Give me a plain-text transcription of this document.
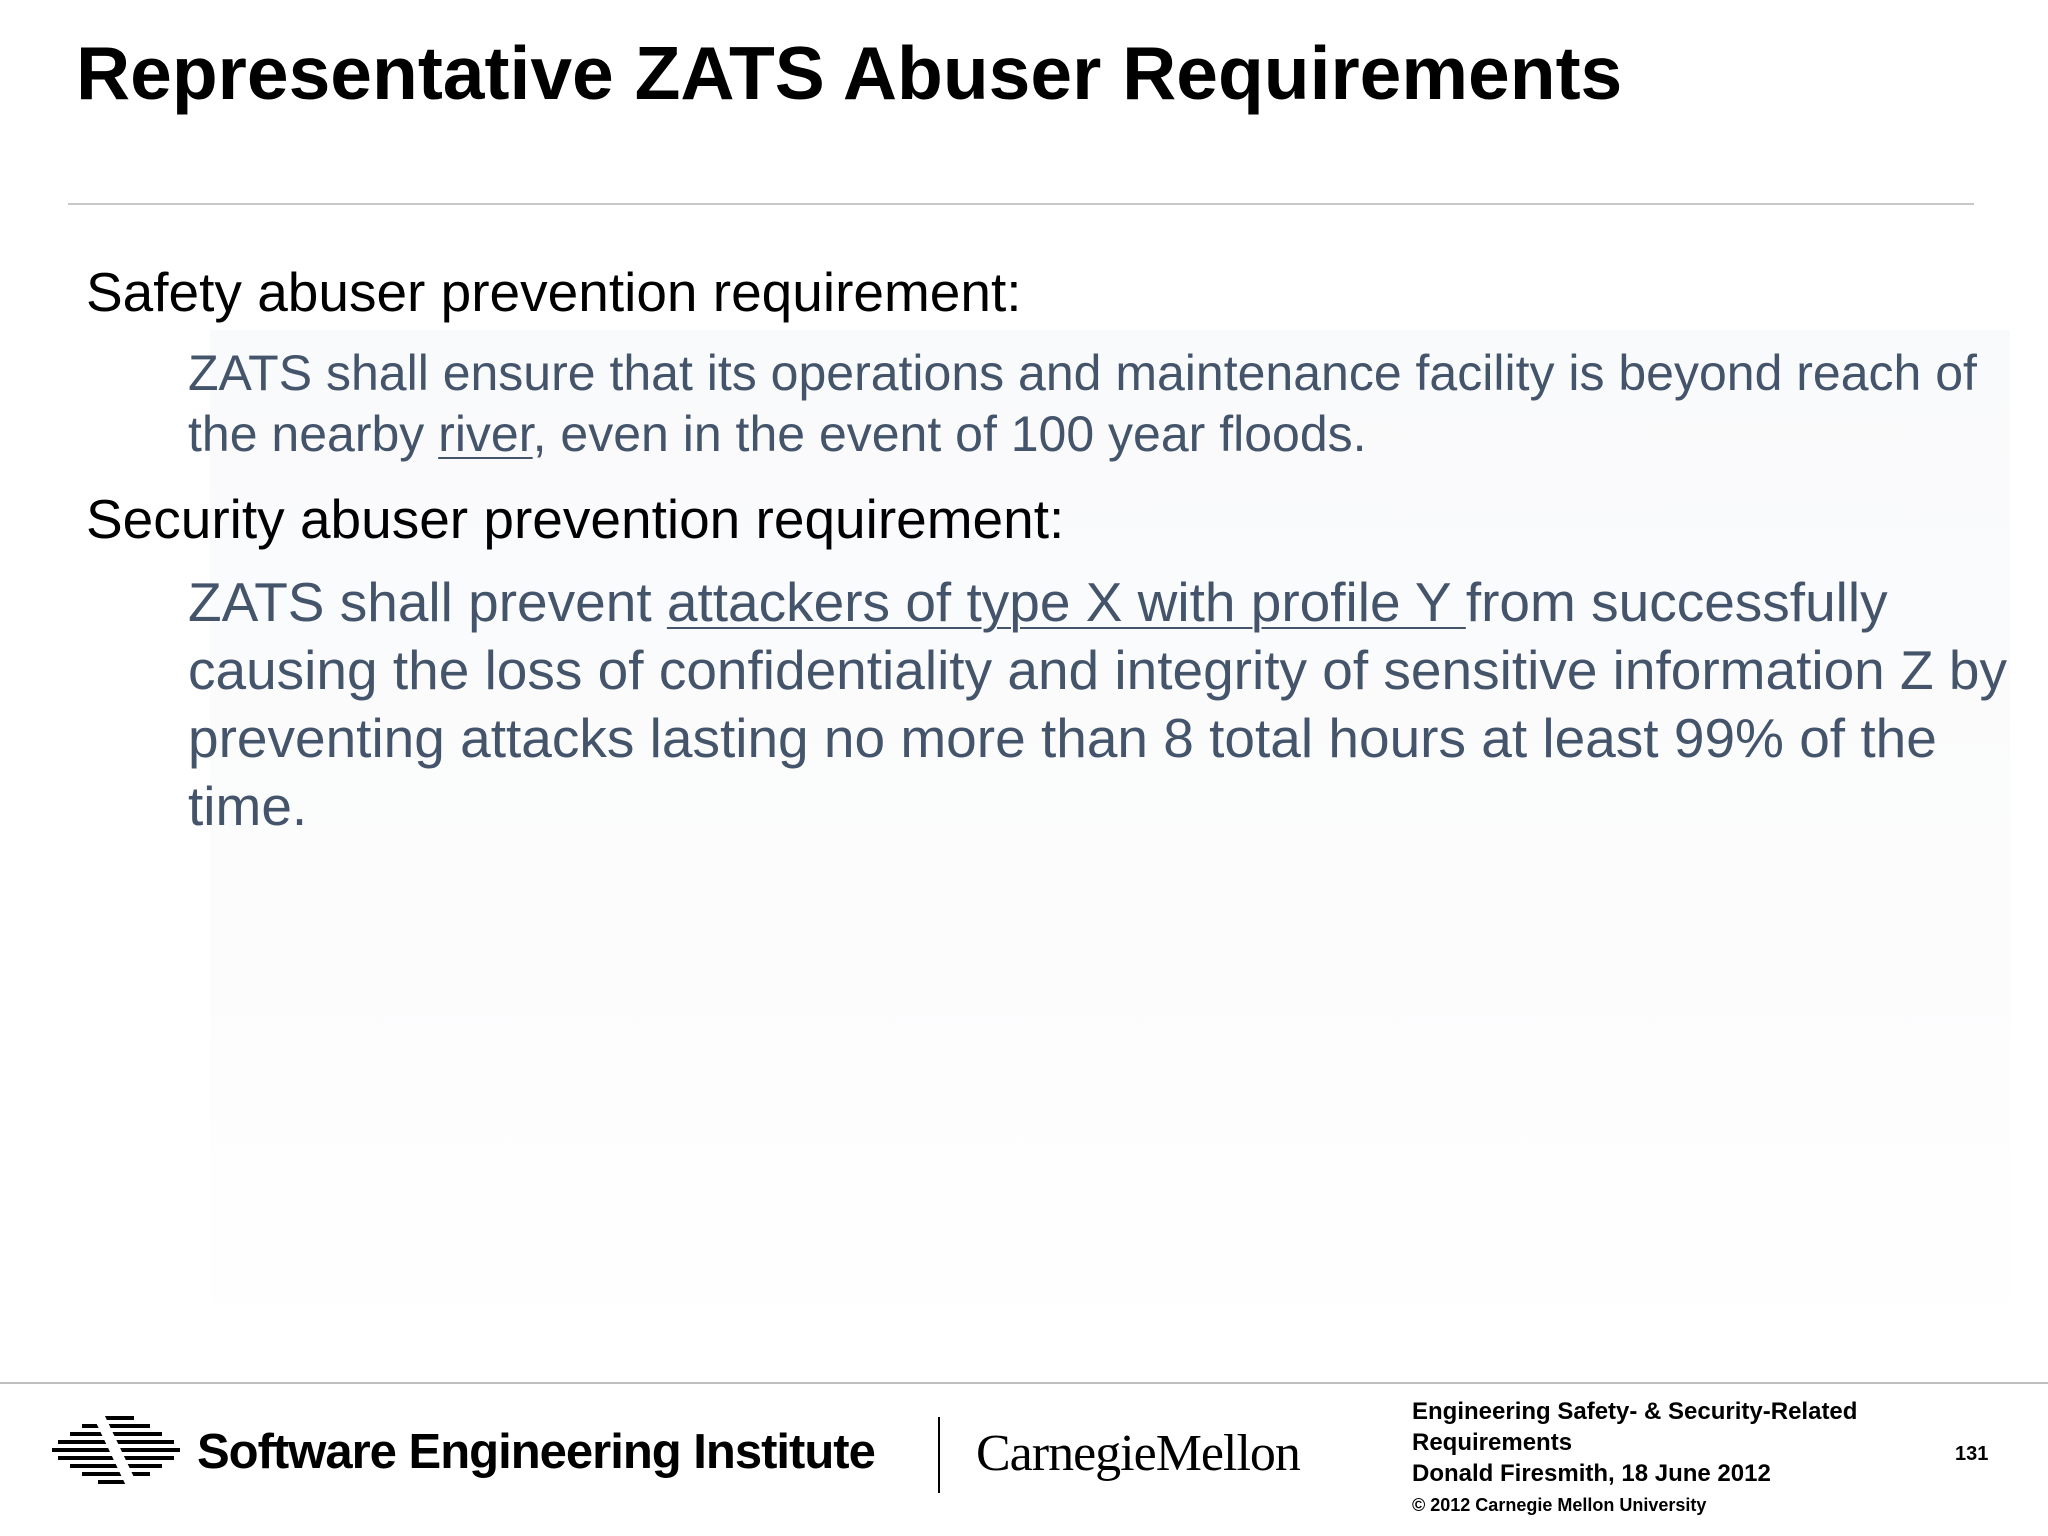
Representative ZATS Abuser Requirements
Safety abuser prevention requirement:
ZATS shall ensure that its operations and maintenance facility is beyond reach of the nearby river, even in the event of 100 year floods.
Security abuser prevention requirement:
ZATS shall prevent attackers of type X with profile Y from successfully causing the loss of confidentiality and integrity of sensitive information Z by preventing attacks lasting no more than 8 total hours at least 99% of the time.
Software Engineering Institute CarnegieMellon
Engineering Safety- & Security-Related
Requirements
Donald Firesmith, 18 June 2012
© 2012 Carnegie Mellon University
131
